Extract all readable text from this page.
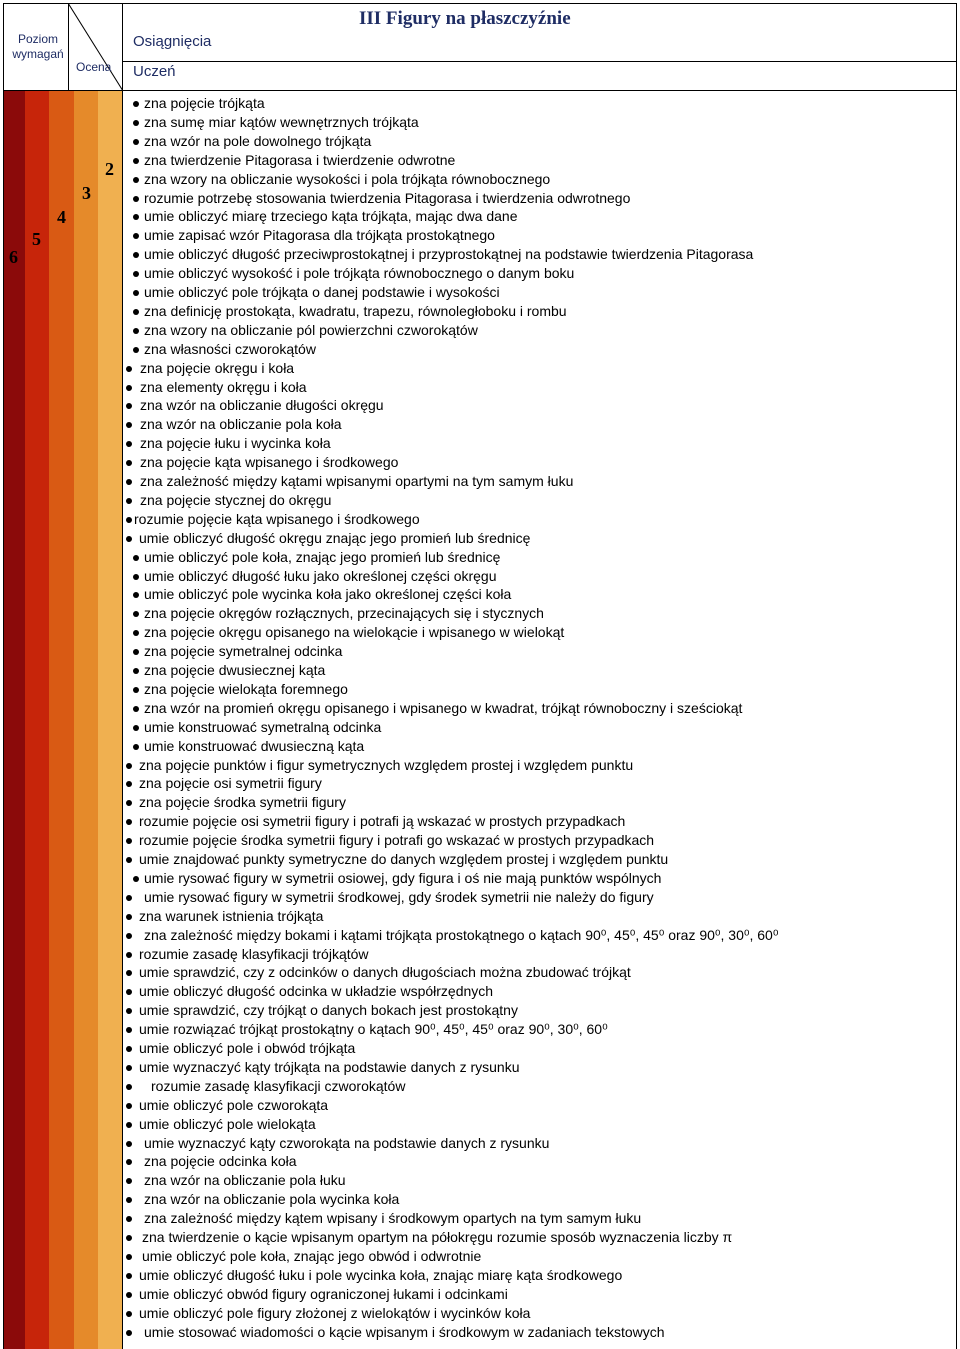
Poziom
wymagań
Osiągnięcia
Ocena Uczeń
III Figury na płaszczyźnie
6
5
4
3
2
zna pojęcie trójkąta
zna sumę miar kątów wewnętrznych trójkąta
zna wzór na pole dowolnego trójkąta
zna twierdzenie Pitagorasa i twierdzenie odwrotne
zna wzory na obliczanie wysokości i pola trójkąta równobocznego
rozumie potrzebę stosowania twierdzenia Pitagorasa i twierdzenia odwrotnego
umie obliczyć miarę trzeciego kąta trójkąta, mając dwa dane
umie zapisać wzór Pitagorasa dla trójkąta prostokątnego
umie obliczyć długość przeciwprostokątnej i przyprostokątnej na podstawie twierdzenia Pitagorasa
umie obliczyć wysokość i pole trójkąta równobocznego o danym boku
umie obliczyć pole trójkąta o danej podstawie i wysokości
zna definicję prostokąta, kwadratu, trapezu, równoległoboku i rombu
zna wzory na obliczanie pól powierzchni czworokątów
zna własności czworokątów
zna pojęcie okręgu i koła
zna elementy okręgu i koła
zna wzór na obliczanie długości okręgu
zna wzór na obliczanie pola koła
zna pojęcie łuku i wycinka koła
zna pojęcie kąta wpisanego i środkowego
zna zależność między kątami wpisanymi opartymi na tym samym łuku
zna pojęcie stycznej do okręgu
rozumie pojęcie kąta wpisanego i środkowego
umie obliczyć długość okręgu znając jego promień lub średnicę
umie obliczyć pole koła, znając jego promień lub średnicę
umie obliczyć długość łuku jako określonej części okręgu
umie obliczyć pole wycinka koła jako określonej części koła
zna pojęcie okręgów rozłącznych, przecinających się i stycznych
zna pojęcie okręgu opisanego na wielokącie i wpisanego w wielokąt
zna pojęcie symetralnej odcinka
zna pojęcie dwusiecznej kąta
zna pojęcie wielokąta foremnego
zna wzór na promień okręgu opisanego i wpisanego w kwadrat, trójkąt równoboczny i sześciokąt
umie konstruować symetralną odcinka
umie konstruować dwusieczną kąta
zna pojęcie punktów i figur symetrycznych względem prostej i względem punktu
zna pojęcie osi symetrii figury
zna pojęcie środka symetrii figury
rozumie pojęcie osi symetrii figury i potrafi ją wskazać w prostych przypadkach
rozumie pojęcie środka symetrii figury i potrafi go wskazać w prostych przypadkach
umie znajdować punkty symetryczne do danych względem prostej i względem punktu
umie rysować figury w symetrii osiowej, gdy figura i oś nie mają punktów wspólnych
umie rysować figury w symetrii środkowej, gdy środek symetrii nie należy do figury
zna warunek istnienia trójkąta
zna zależność między bokami i kątami trójkąta prostokątnego o kątach 90⁰, 45⁰, 45⁰ oraz 90⁰, 30⁰, 60⁰
rozumie zasadę klasyfikacji trójkątów
umie sprawdzić, czy z odcinków o danych długościach można zbudować trójkąt
umie obliczyć długość odcinka w układzie współrzędnych
umie sprawdzić, czy trójkąt o danych bokach jest prostokątny
umie rozwiązać trójkąt prostokątny o kątach 90⁰, 45⁰, 45⁰ oraz 90⁰, 30⁰, 60⁰
umie obliczyć pole i obwód trójkąta
umie wyznaczyć kąty trójkąta na podstawie danych z rysunku
rozumie zasadę klasyfikacji czworokątów
umie obliczyć pole czworokąta
umie obliczyć pole wielokąta
umie wyznaczyć kąty czworokąta na podstawie danych z rysunku
zna pojęcie odcinka koła
zna wzór na obliczanie pola łuku
zna wzór na obliczanie pola wycinka koła
zna zależność między kątem wpisany i środkowym opartych na tym samym łuku
zna twierdzenie o kącie wpisanym opartym na półokręgu rozumie sposób wyznaczenia liczby π
umie obliczyć pole koła, znając jego obwód i odwrotnie
umie obliczyć długość łuku i pole wycinka koła, znając miarę kąta środkowego
umie obliczyć obwód figury ograniczonej łukami i odcinkami
umie obliczyć pole figury złożonej z wielokątów i wycinków koła
umie stosować wiadomości o kącie wpisanym i środkowym w zadaniach tekstowych
